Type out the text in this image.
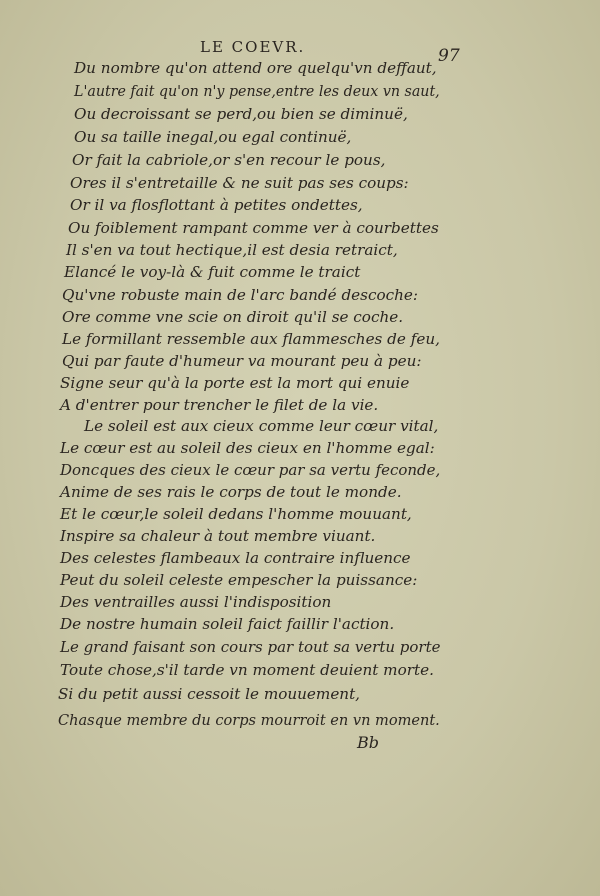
LE COEVR.	97
Du nombre qu'on attend ore quelqu'vn deffaut,
L'autre fait qu'on n'y pense,entre les deux vn saut,
Ou decroissant se perd,ou bien se diminuë,
Ou sa taille inegal,ou egal continuë,
Or fait la cabriole,or s'en recour le pous,
Ores il s'entretaille & ne suit pas ses coups:
Or il va flosflottant à petites ondettes,
Ou foiblement rampant comme ver à courbettes
Il s'en va tout hectique,il est desia retraict,
Elancé le voy-là & fuit comme le traict
Qu'vne robuste main de l'arc bandé descoche:
Ore comme vne scie on diroit qu'il se coche.
Le formillant ressemble aux flammesches de feu,
Qui par faute d'humeur va mourant peu à peu:
Signe seur qu'à la porte est la mort qui enuie
A d'entrer pour trencher le filet de la vie.
Le soleil est aux cieux comme leur cœur vital,
Le cœur est au soleil des cieux en l'homme egal:
Doncques des cieux le cœur par sa vertu feconde,
Anime de ses rais le corps de tout le monde.
Et le cœur,le soleil dedans l'homme mouuant,
Inspire sa chaleur à tout membre viuant.
Des celestes flambeaux la contraire influence
Peut du soleil celeste empescher la puissance:
Des ventrailles aussi l'indisposition
De nostre humain soleil faict faillir l'action.
Le grand faisant son cours par tout sa vertu porte
Toute chose,s'il tarde vn moment deuient morte.
Si du petit aussi cessoit le mouuement,
Chasque membre du corps mourroit en vn moment.
Bb
